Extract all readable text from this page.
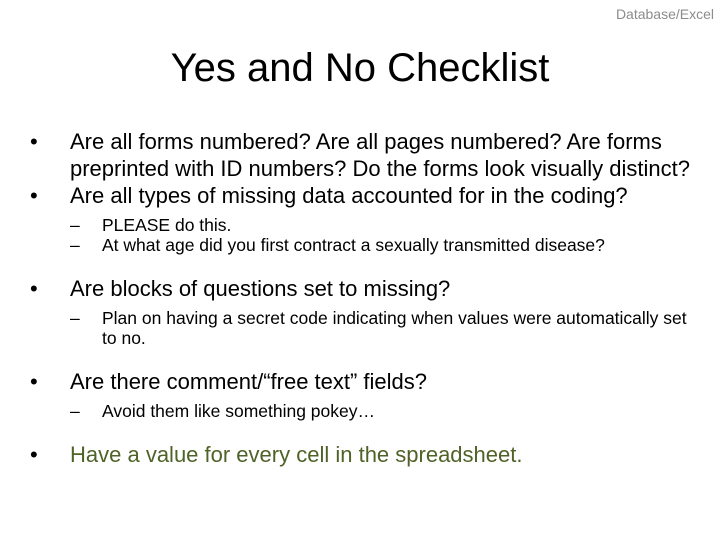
Database/Excel
Yes and No Checklist
• Are all forms numbered? Are all pages numbered? Are forms preprinted with ID numbers? Do the forms look visually distinct?
• Are all types of missing data accounted for in the coding?
– PLEASE do this.
– At what age did you first contract a sexually transmitted disease?
• Are blocks of questions set to missing?
– Plan on having a secret code indicating when values were automatically set to no.
• Are there comment/“free text” fields?
– Avoid them like something pokey…
• Have a value for every cell in the spreadsheet.
